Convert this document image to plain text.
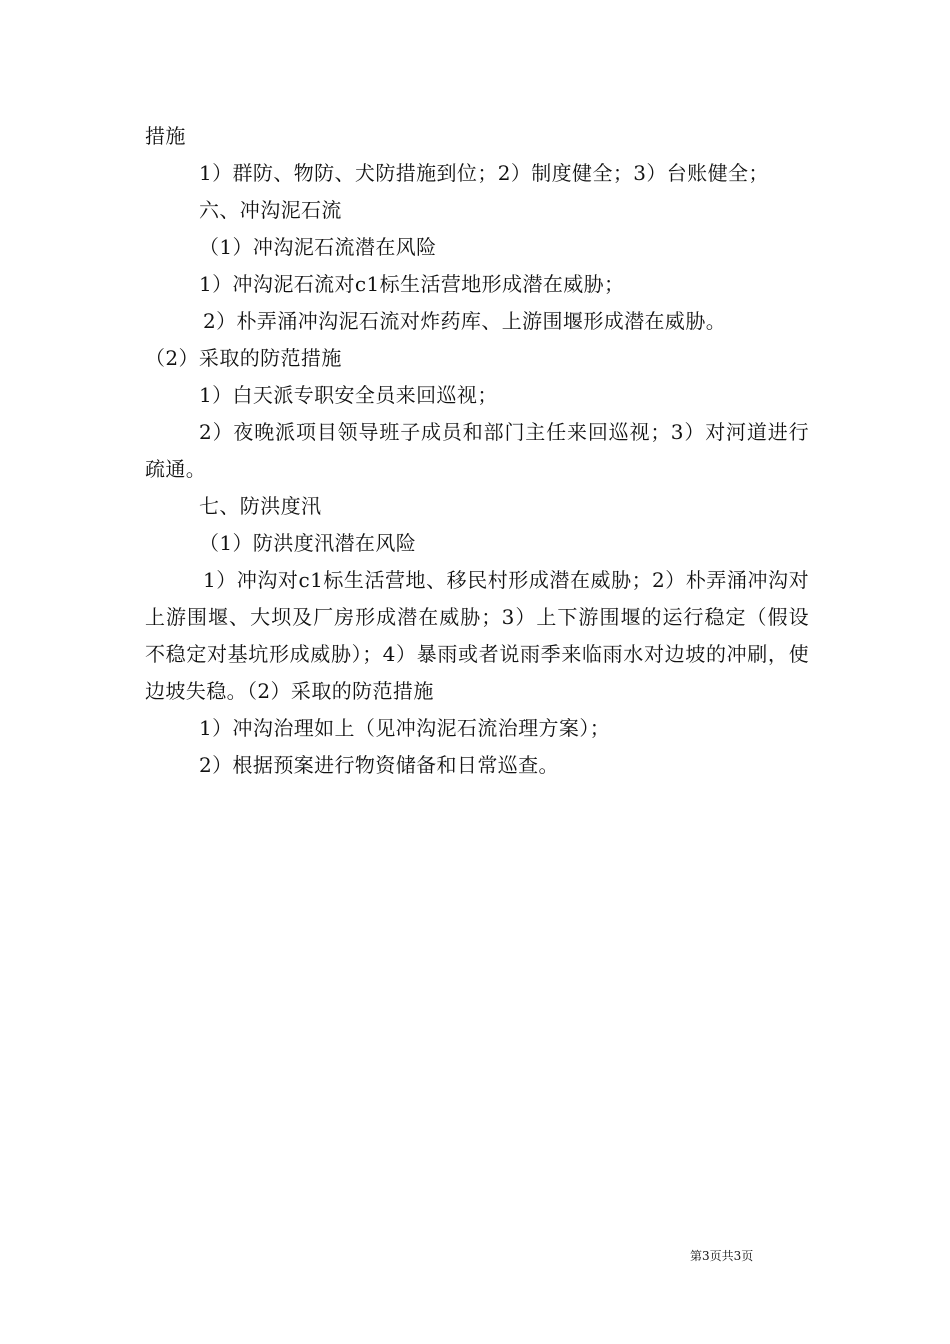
措施

1）群防、物防、犬防措施到位；2）制度健全；3）台账健全；

六、冲沟泥石流

（1）冲沟泥石流潜在风险

1）冲沟泥石流对c1标生活营地形成潜在威胁；

2）朴弄涌冲沟泥石流对炸药库、上游围堰形成潜在威胁。

（2）采取的防范措施

1）白天派专职安全员来回巡视；

2）夜晚派项目领导班子成员和部门主任来回巡视；3）对河道进行疏通。

七、防洪度汛

（1）防洪度汛潜在风险

1）冲沟对c1标生活营地、移民村形成潜在威胁；2）朴弄涌冲沟对上游围堰、大坝及厂房形成潜在威胁；3）上下游围堰的运行稳定（假设不稳定对基坑形成威胁）；4）暴雨或者说雨季来临雨水对边坡的冲刷，使边坡失稳。（2）采取的防范措施

1）冲沟治理如上（见冲沟泥石流治理方案）；

2）根据预案进行物资储备和日常巡查。

第3页共3页
